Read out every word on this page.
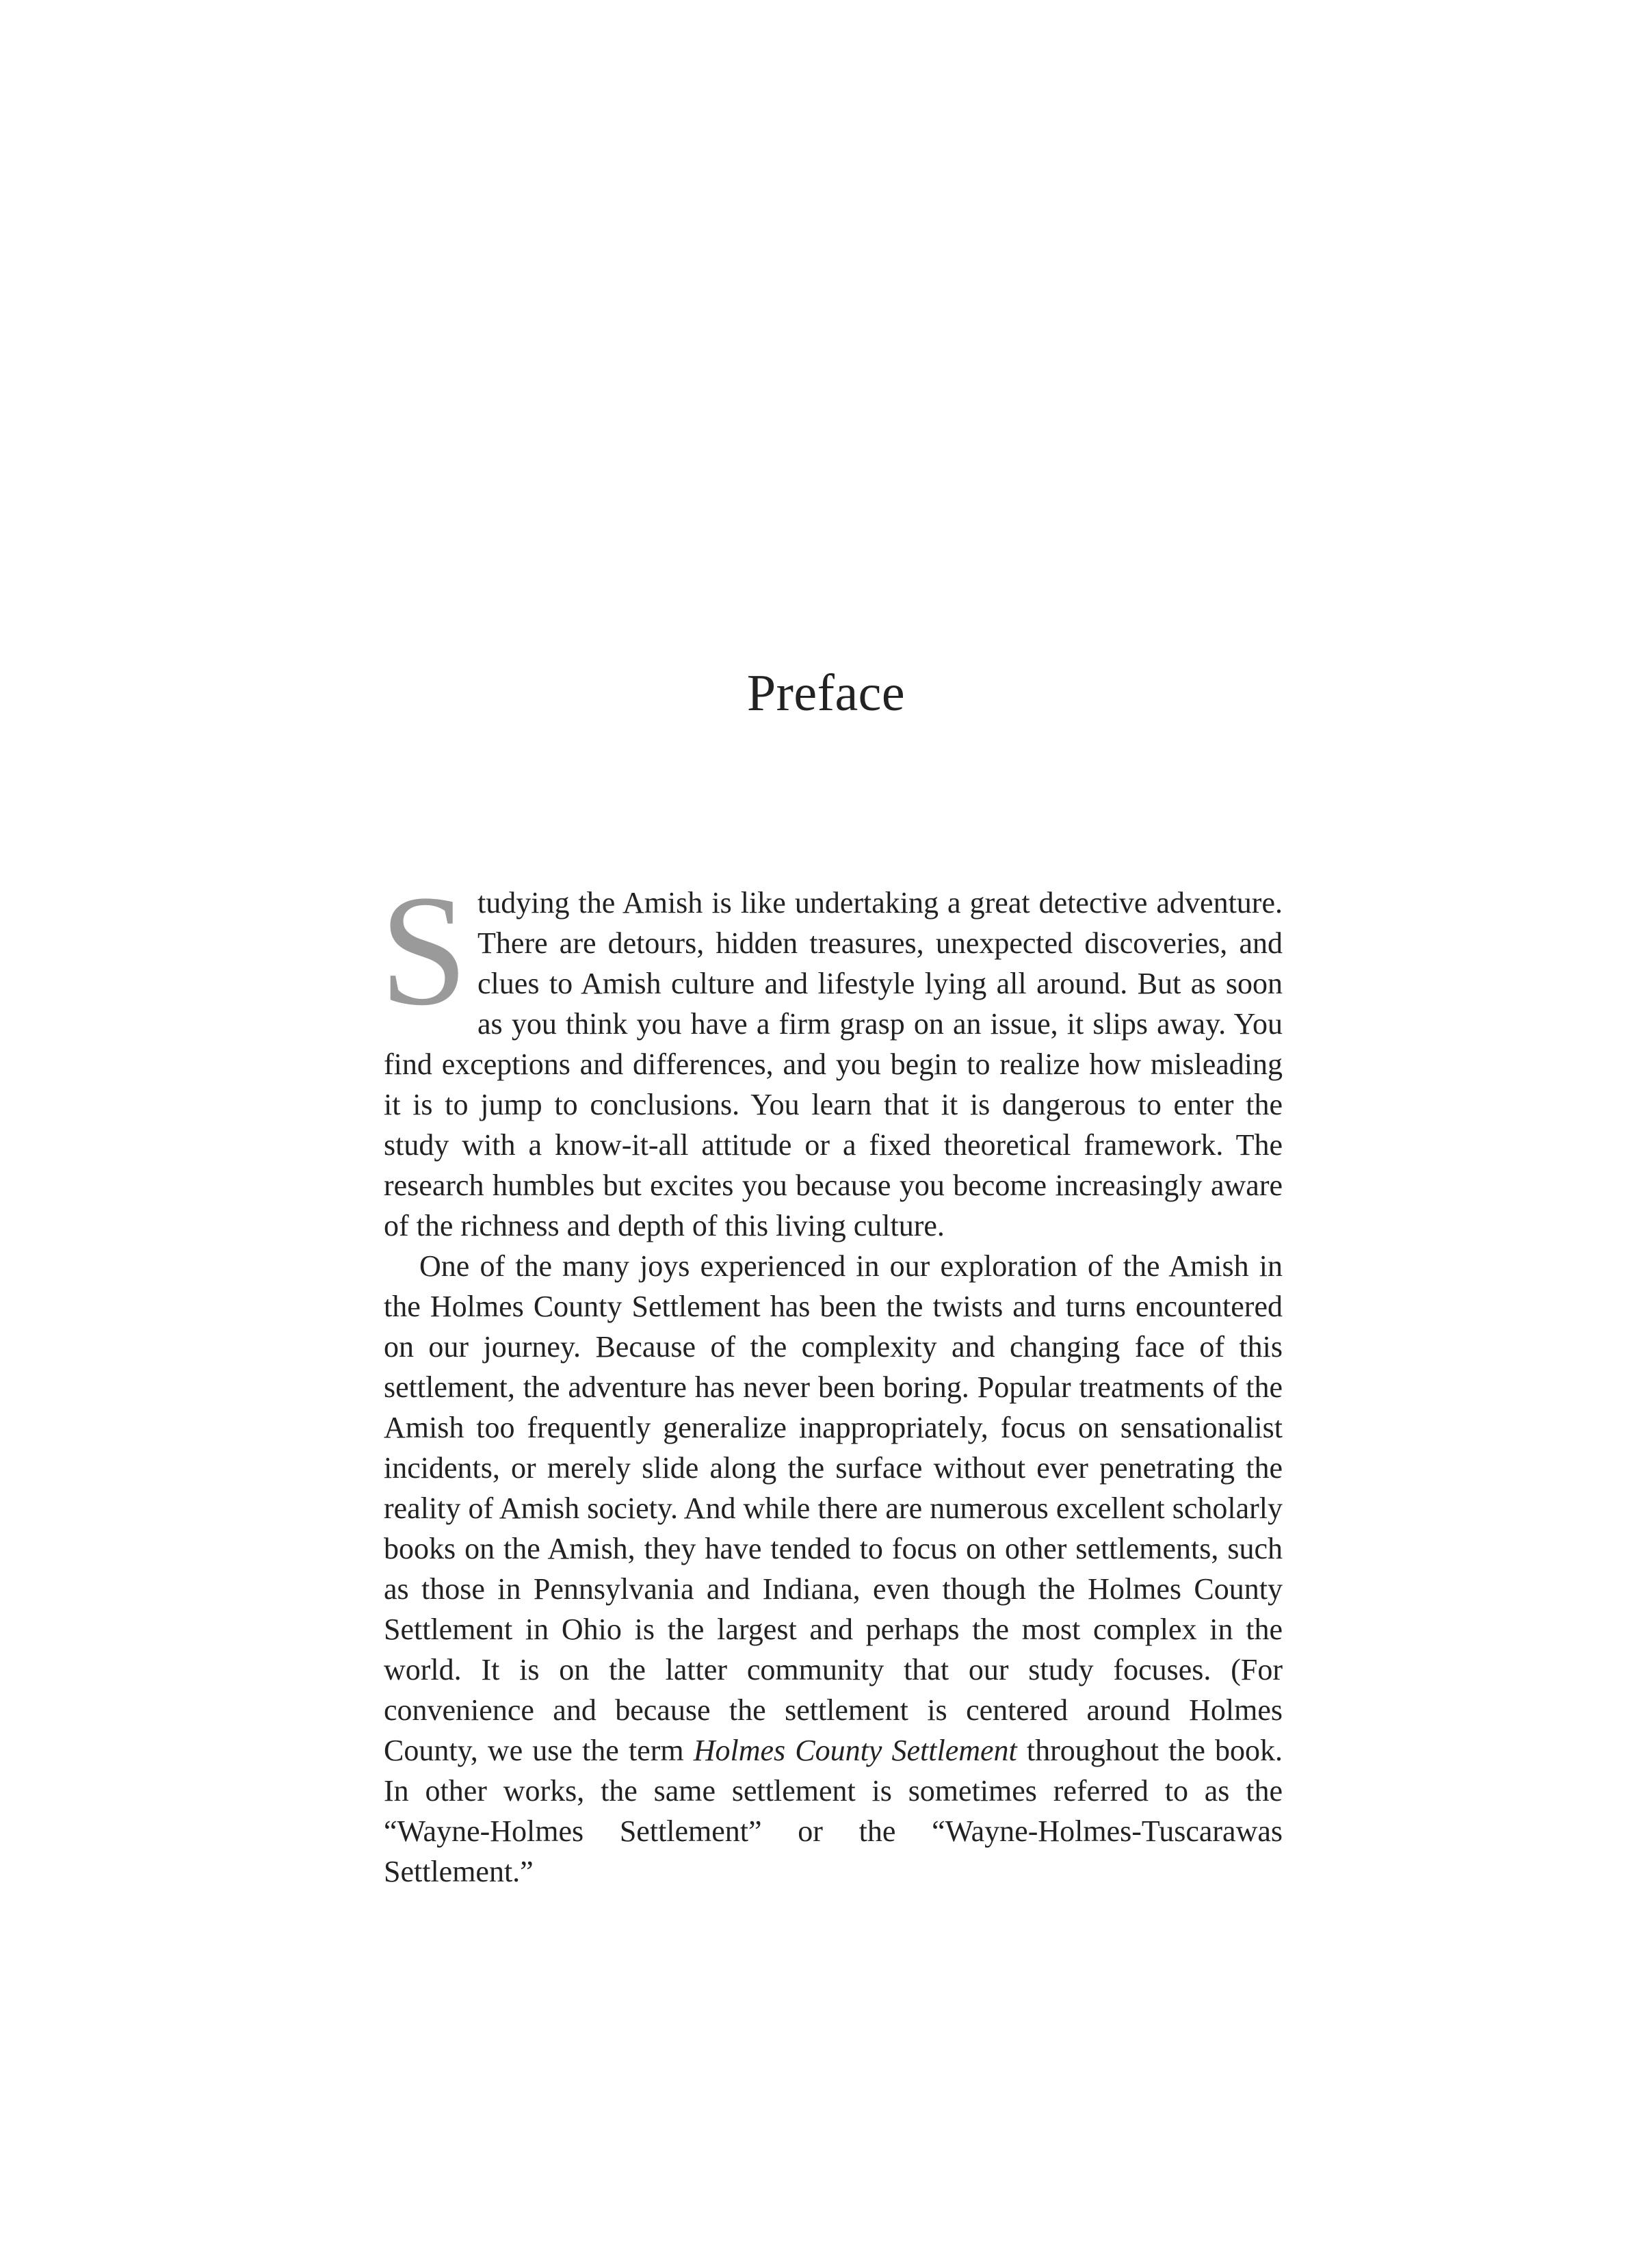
Preface

Studying the Amish is like undertaking a great detective adventure. There are detours, hidden treasures, unexpected discoveries, and clues to Amish culture and lifestyle lying all around. But as soon as you think you have a firm grasp on an issue, it slips away. You find exceptions and differences, and you begin to realize how misleading it is to jump to conclusions. You learn that it is dangerous to enter the study with a know-it-all attitude or a fixed theoretical framework. The research humbles but excites you because you become increasingly aware of the richness and depth of this living culture.

One of the many joys experienced in our exploration of the Amish in the Holmes County Settlement has been the twists and turns encountered on our journey. Because of the complexity and changing face of this settlement, the adventure has never been boring. Popular treatments of the Amish too frequently generalize inappropriately, focus on sensationalist incidents, or merely slide along the surface without ever penetrating the reality of Amish society. And while there are numerous excellent scholarly books on the Amish, they have tended to focus on other settlements, such as those in Pennsylvania and Indiana, even though the Holmes County Settlement in Ohio is the largest and perhaps the most complex in the world. It is on the latter community that our study focuses. (For convenience and because the settlement is centered around Holmes County, we use the term Holmes County Settlement throughout the book. In other works, the same settlement is sometimes referred to as the “Wayne-Holmes Settlement” or the “Wayne-Holmes-Tuscarawas Settlement.”
